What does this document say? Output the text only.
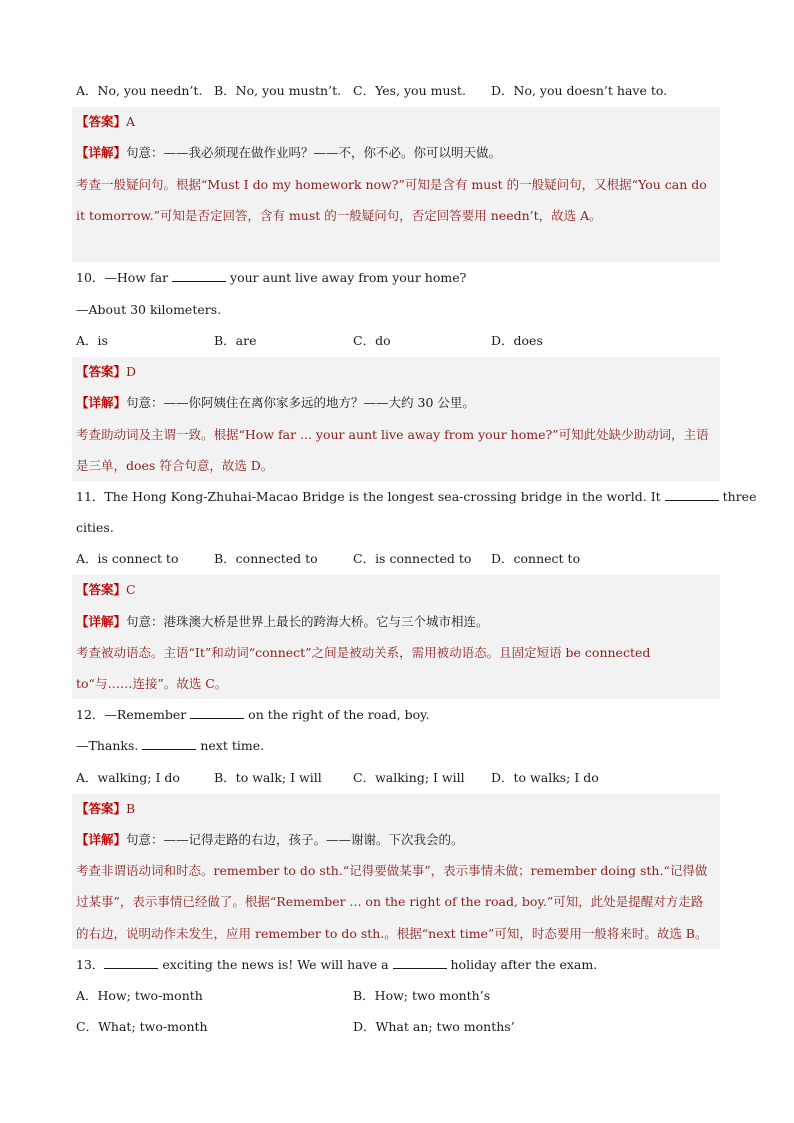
A．No, you needn’t. B．No, you mustn’t. C．Yes, you must. D．No, you doesn’t have to.
【答案】A
【详解】句意：——我必须现在做作业吗？——不，你不必。你可以明天做。
考查一般疑问句。根据“Must I do my homework now?”可知是含有 must 的一般疑问句，又根据“You can do
it tomorrow.”可知是否定回答，含有 must 的一般疑问句，否定回答要用 needn’t，故选 A。
10．—How far	your aunt live away from your home?
—About 30 kilometers.
A．is	B．are	C．do	D．does
【答案】D
【详解】句意：——你阿姨住在离你家多远的地方？——大约 30 公里。
考查助动词及主谓一致。根据“How far ... your aunt live away from your home?”可知此处缺少助动词，主语
是三单，does 符合句意，故选 D。
11．The Hong Kong-Zhuhai-Macao Bridge is the longest sea-crossing bridge in the world. It	three
cities.
A．is connect to	B．connected to	C．is connected to D．connect to
【答案】C
【详解】句意：港珠澳大桥是世界上最长的跨海大桥。它与三个城市相连。
考查被动语态。主语“It”和动词“connect”之间是被动关系，需用被动语态。且固定短语 be connected
to“与……连接”。故选 C。
12．—Remember	on the right of the road, boy.
—Thanks.	next time.
A．walking; I do	B．to walk; I will	C．walking; I will D．to walks; I do
【答案】B
【详解】句意：——记得走路的右边，孩子。——谢谢。下次我会的。
考查非谓语动词和时态。remember to do sth.“记得要做某事”，表示事情未做；remember doing sth.“记得做
过某事”，表示事情已经做了。根据“Remember ... on the right of the road, boy.”可知，此处是提醒对方走路
的右边，说明动作未发生，应用 remember to do sth.。根据“next time”可知，时态要用一般将来时。故选 B。
13．	exciting the news is! We will have a	holiday after the exam.
A．How; two-month	B．How; two month’s
C．What; two-month	D．What an; two months’
